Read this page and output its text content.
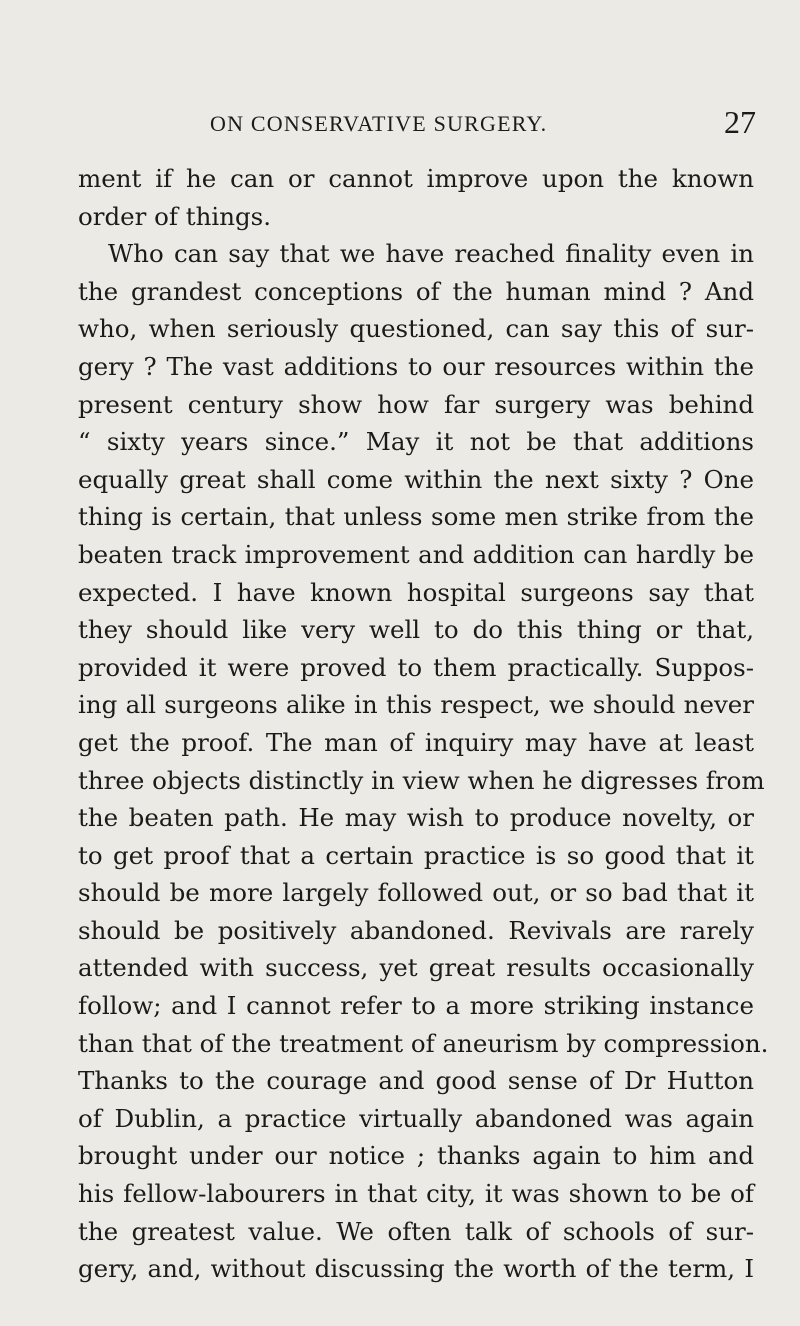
ON CONSERVATIVE SURGERY.	27
ment if he can or cannot improve upon the known
order of things.
Who can say that we have reached finality even in
the grandest conceptions of the human mind ? And
who, when seriously questioned, can say this of sur-
gery ? The vast additions to our resources within the
present century show how far surgery was behind
“ sixty years since.” May it not be that additions
equally great shall come within the next sixty ? One
thing is certain, that unless some men strike from the
beaten track improvement and addition can hardly be
expected. I have known hospital surgeons say that
they should like very well to do this thing or that,
provided it were proved to them practically. Suppos-
ing all surgeons alike in this respect, we should never
get the proof. The man of inquiry may have at least
three objects distinctly in view when he digresses from
the beaten path. He may wish to produce novelty, or
to get proof that a certain practice is so good that it
should be more largely followed out, or so bad that it
should be positively abandoned. Revivals are rarely
attended with success, yet great results occasionally
follow; and I cannot refer to a more striking instance
than that of the treatment of aneurism by compression.
Thanks to the courage and good sense of Dr Hutton
of Dublin, a practice virtually abandoned was again
brought under our notice ; thanks again to him and
his fellow-labourers in that city, it was shown to be of
the greatest value. We often talk of schools of sur-
gery, and, without discussing the worth of the term, I
